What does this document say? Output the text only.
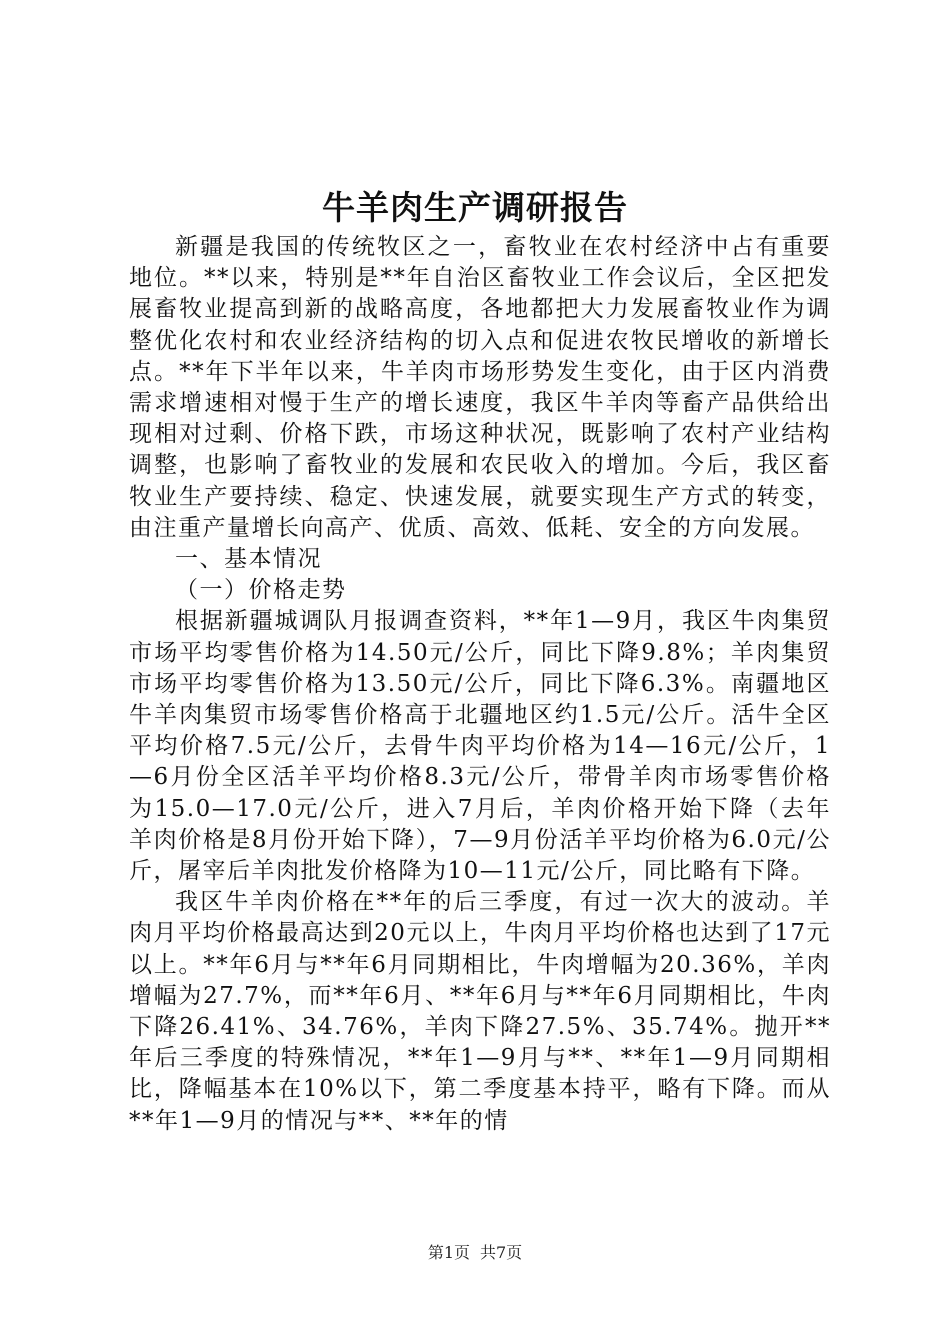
牛羊肉生产调研报告

新疆是我国的传统牧区之一，畜牧业在农村经济中占有重要地位。**以来，特别是**年自治区畜牧业工作会议后，全区把发展畜牧业提高到新的战略高度，各地都把大力发展畜牧业作为调整优化农村和农业经济结构的切入点和促进农牧民增收的新增长点。**年下半年以来，牛羊肉市场形势发生变化，由于区内消费需求增速相对慢于生产的增长速度，我区牛羊肉等畜产品供给出现相对过剩、价格下跌，市场这种状况，既影响了农村产业结构调整，也影响了畜牧业的发展和农民收入的增加。今后，我区畜牧业生产要持续、稳定、快速发展，就要实现生产方式的转变，由注重产量增长向高产、优质、高效、低耗、安全的方向发展。

一、基本情况

（一）价格走势

根据新疆城调队月报调查资料，**年1—9月，我区牛肉集贸市场平均零售价格为14.50元/公斤，同比下降9.8%；羊肉集贸市场平均零售价格为13.50元/公斤，同比下降6.3%。南疆地区牛羊肉集贸市场零售价格高于北疆地区约1.5元/公斤。活牛全区平均价格7.5元/公斤，去骨牛肉平均价格为14—16元/公斤，1—6月份全区活羊平均价格8.3元/公斤，带骨羊肉市场零售价格为15.0—17.0元/公斤，进入7月后，羊肉价格开始下降（去年羊肉价格是8月份开始下降），7—9月份活羊平均价格为6.0元/公斤，屠宰后羊肉批发价格降为10—11元/公斤，同比略有下降。

我区牛羊肉价格在**年的后三季度，有过一次大的波动。羊肉月平均价格最高达到20元以上，牛肉月平均价格也达到了17元以上。**年6月与**年6月同期相比，牛肉增幅为20.36%，羊肉增幅为27.7%，而**年6月、**年6月与**年6月同期相比，牛肉下降26.41%、34.76%，羊肉下降27.5%、35.74%。抛开**年后三季度的特殊情况，**年1—9月与**、**年1—9月同期相比，降幅基本在10%以下，第二季度基本持平，略有下降。而从**年1—9月的情况与**、**年的情

第1页 共7页
